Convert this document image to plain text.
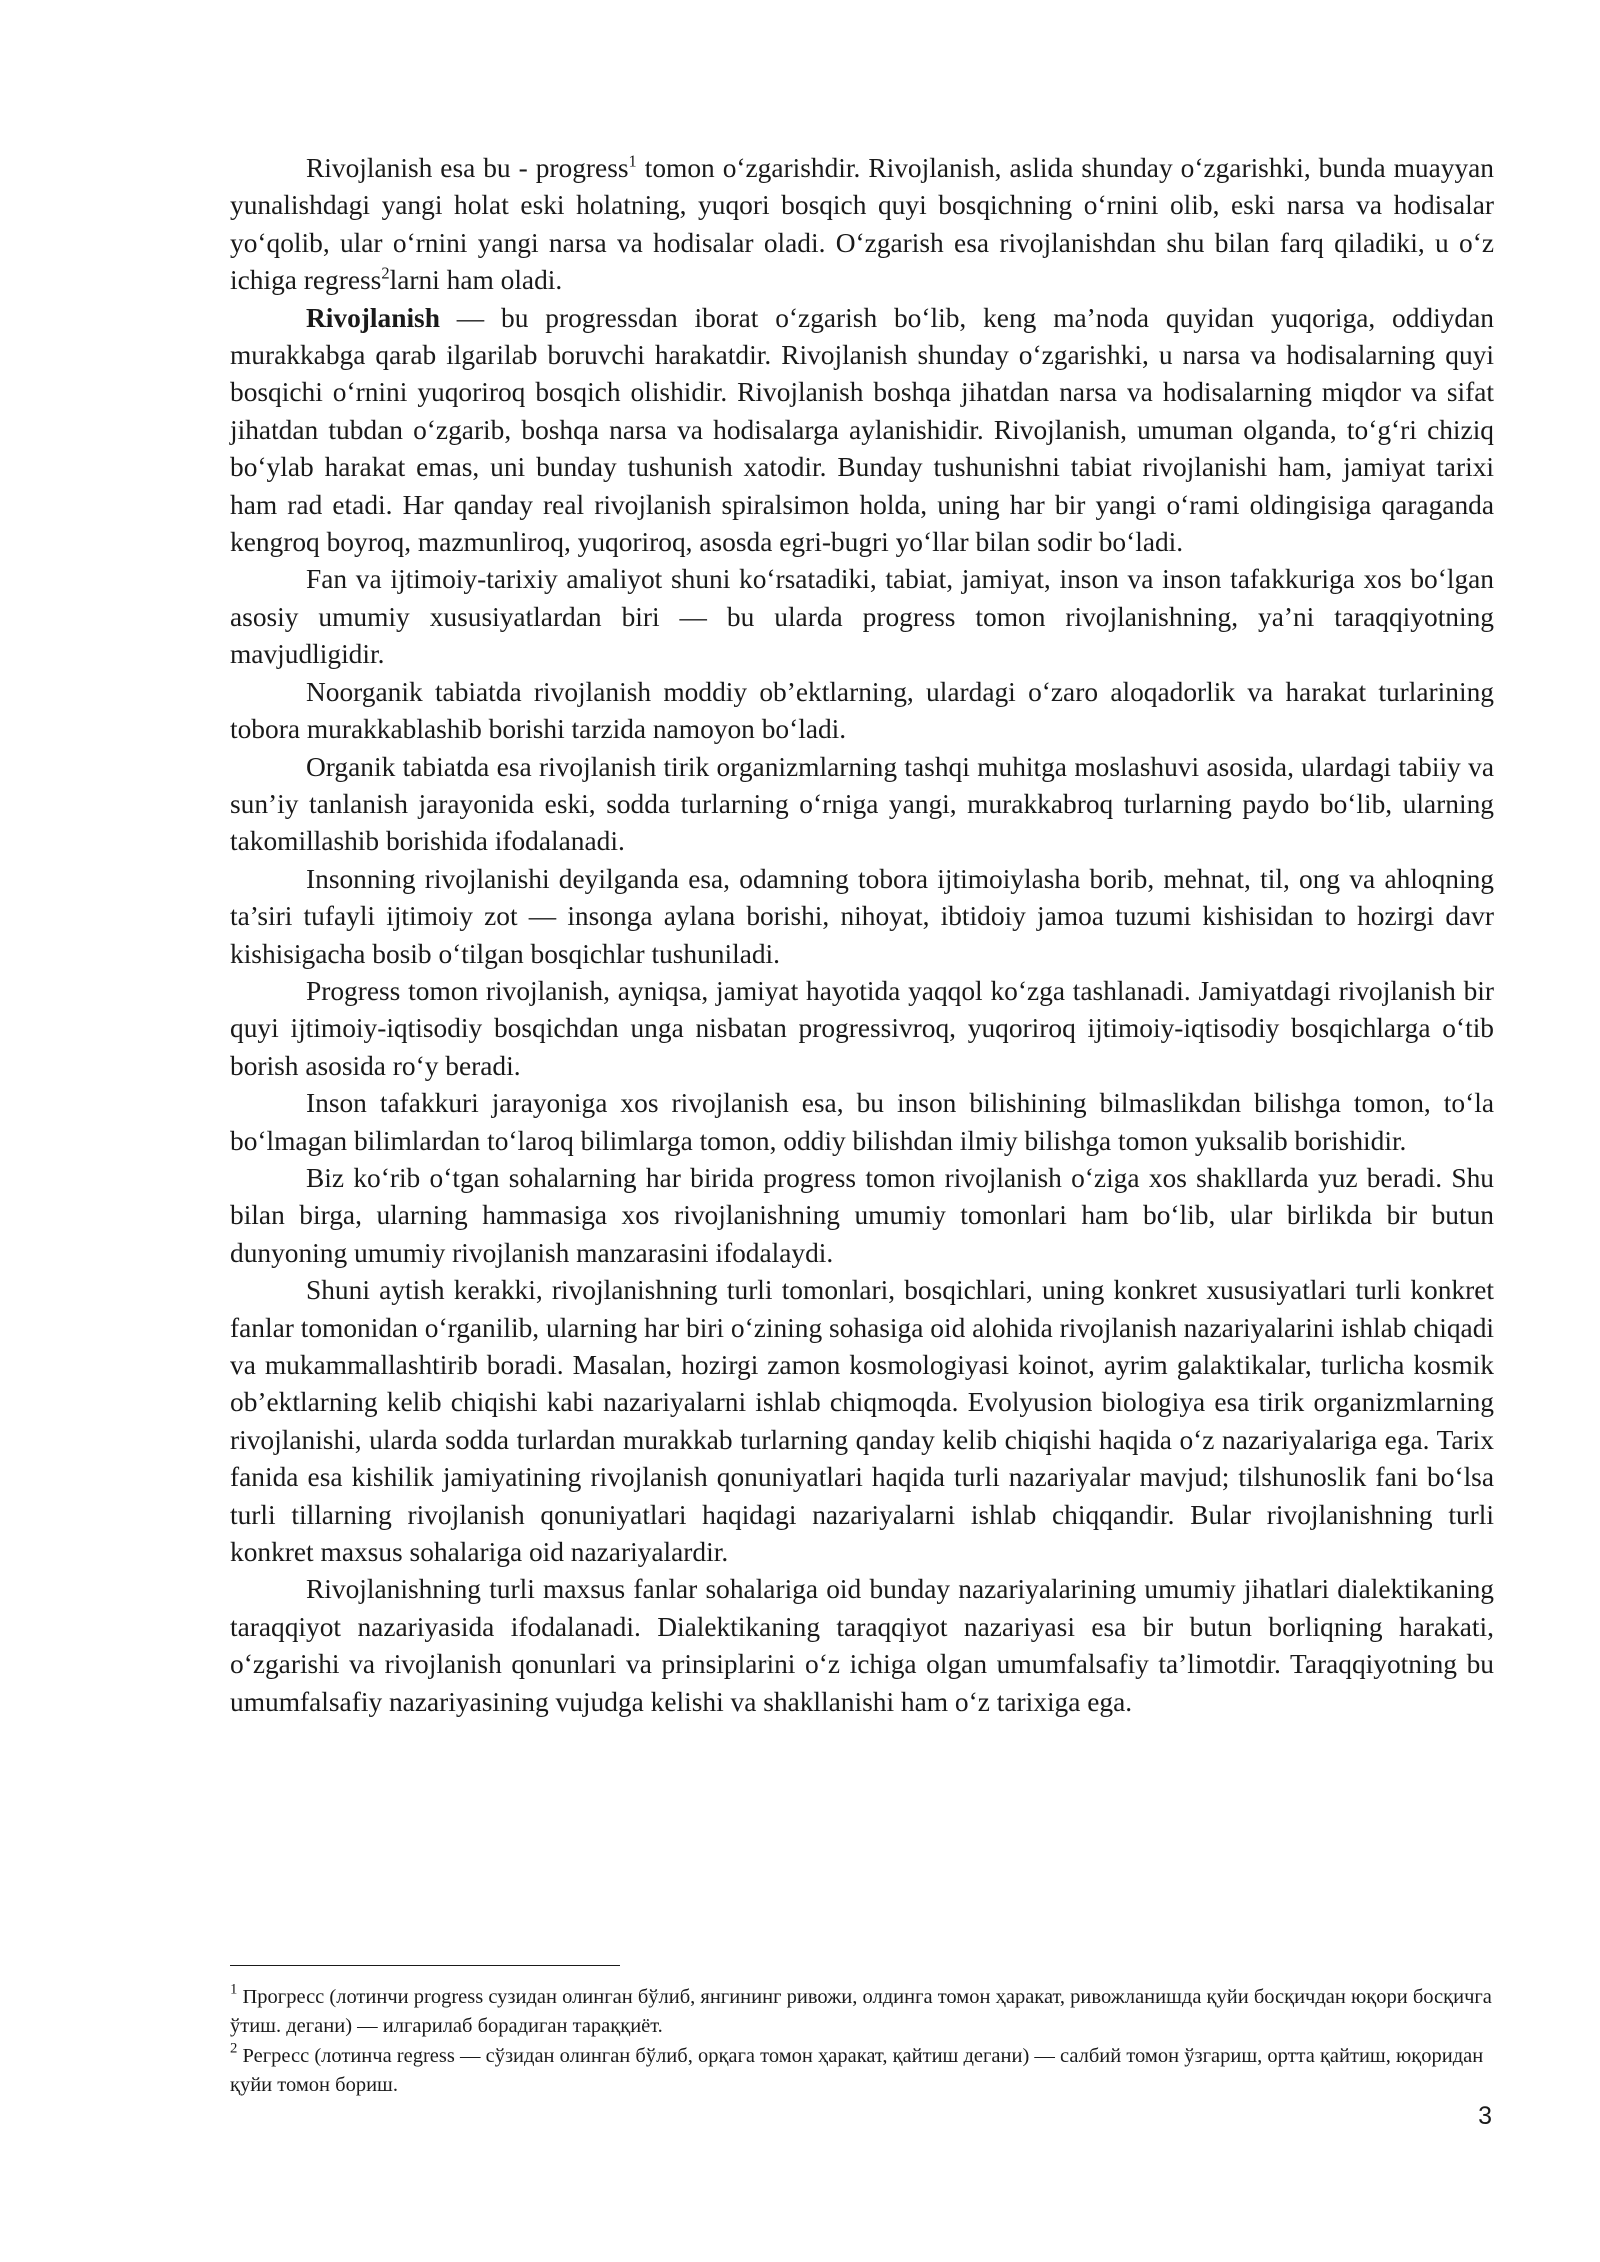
Rivojlanish esa bu - progress$^1$ tomon oʻzgarishdir. Rivojlanish, aslida shunday oʻzgarishki, bunda muayyan yunalishdagi yangi holat eski holatning, yuqori bosqich quyi bosqichning oʻrnini olib, eski narsa va hodisalar yoʻqolib, ular oʻrnini yangi narsa va hodisalar oladi. Oʻzgarish esa rivojlanishdan shu bilan farq qiladiki, u oʻz ichiga regress$^2$larni ham oladi.

Rivojlanish — bu progressdan iborat oʻzgarish boʻlib, keng ma’noda quyidan yuqoriga, oddiydan murakkabga qarab ilgarilab boruvchi harakatdir. Rivojlanish shunday oʻzgarishki, u narsa va hodisalarning quyi bosqichi oʻrnini yuqoriroq bosqich olishidir. Rivojlanish boshqa jihatdan narsa va hodisalarning miqdor va sifat jihatdan tubdan oʻzgarib, boshqa narsa va hodisalarga aylanishidir. Rivojlanish, umuman olganda, toʻgʻri chiziq boʻylab harakat emas, uni bunday tushunish xatodir. Bunday tushunishni tabiat rivojlanishi ham, jamiyat tarixi ham rad etadi. Har qanday real rivojlanish spiralsimon holda, uning har bir yangi oʻrami oldingisiga qaraganda kengroq boyroq, mazmunliroq, yuqoriroq, asosda egri-bugri yoʻllar bilan sodir boʻladi.

Fan va ijtimoiy-tarixiy amaliyot shuni koʻrsatadiki, tabiat, jamiyat, inson va inson tafakkuriga xos boʻlgan asosiy umumiy xususiyatlardan biri — bu ularda progress tomon rivojlanishning, ya’ni taraqqiyotning mavjudligidir.

Noorganik tabiatda rivojlanish moddiy ob’ektlarning, ulardagi oʻzaro aloqadorlik va harakat turlarining tobora murakkablashib borishi tarzida namoyon boʻladi.

Organik tabiatda esa rivojlanish tirik organizmlarning tashqi muhitga moslashuvi asosida, ulardagi tabiiy va sun’iy tanlanish jarayonida eski, sodda turlarning oʻrniga yangi, murakkabroq turlarning paydo boʻlib, ularning takomillashib borishida ifodalanadi.

Insonning rivojlanishi deyilganda esa, odamning tobora ijtimoiylasha borib, mehnat, til, ong va ahloqning ta’siri tufayli ijtimoiy zot — insonga aylana borishi, nihoyat, ibtidoiy jamoa tuzumi kishisidan to hozirgi davr kishisigacha bosib oʻtilgan bosqichlar tushuniladi.

Progress tomon rivojlanish, ayniqsa, jamiyat hayotida yaqqol koʻzga tashlanadi. Jamiyatdagi rivojlanish bir quyi ijtimoiy-iqtisodiy bosqichdan unga nisbatan progressivroq, yuqoriroq ijtimoiy-iqtisodiy bosqichlarga oʻtib borish asosida roʻy beradi.

Inson tafakkuri jarayoniga xos rivojlanish esa, bu inson bilishining bilmaslikdan bilishga tomon, toʻla boʻlmagan bilimlardan toʻlaroq bilimlarga tomon, oddiy bilishdan ilmiy bilishga tomon yuksalib borishidir.

Biz koʻrib oʻtgan sohalarning har birida progress tomon rivojlanish oʻziga xos shakllarda yuz beradi. Shu bilan birga, ularning hammasiga xos rivojlanishning umumiy tomonlari ham boʻlib, ular birlikda bir butun dunyoning umumiy rivojlanish manzarasini ifodalaydi.

Shuni aytish kerakki, rivojlanishning turli tomonlari, bosqichlari, uning konkret xususiyatlari turli konkret fanlar tomonidan oʻrganilib, ularning har biri oʻzining sohasiga oid alohida rivojlanish nazariyalarini ishlab chiqadi va mukammallashtirib boradi. Masalan, hozirgi zamon kosmologiyasi koinot, ayrim galaktikalar, turlicha kosmik ob’ektlarning kelib chiqishi kabi nazariyalarni ishlab chiqmoqda. Evolyusion biologiya esa tirik organizmlarning rivojlanishi, ularda sodda turlardan murakkab turlarning qanday kelib chiqishi haqida oʻz nazariyalariga ega. Tarix fanida esa kishilik jamiyatining rivojlanish qonuniyatlari haqida turli nazariyalar mavjud; tilshunoslik fani boʻlsa turli tillarning rivojlanish qonuniyatlari haqidagi nazariyalarni ishlab chiqqandir. Bular rivojlanishning turli konkret maxsus sohalariga oid nazariyalardir.

Rivojlanishning turli maxsus fanlar sohalariga oid bunday nazariyalarining umumiy jihatlari dialektikaning taraqqiyot nazariyasida ifodalanadi. Dialektikaning taraqqiyot nazariyasi esa bir butun borliqning harakati, oʻzgarishi va rivojlanish qonunlari va prinsiplarini oʻz ichiga olgan umumfalsafiy ta’limotdir. Taraqqiyotning bu umumfalsafiy nazariyasining vujudga kelishi va shakllanishi ham oʻz tarixiga ega.

$^1$ Прогресс (лотинчи progress сузидан олинган бўлиб, янгининг ривожи, олдинга томон ҳаракат, ривожланишда қуйи босқичдан юқори босқичга ўтиш. дегани) — илгарилаб борадиган тараққиёт.

$^2$ Регресс (лотинча regress — сўзидан олинган бўлиб, орқага томон ҳаракат, қайтиш дегани) — салбий томон ўзгариш, ортта қайтиш, юқоридан қуйи томон бориш.

3
